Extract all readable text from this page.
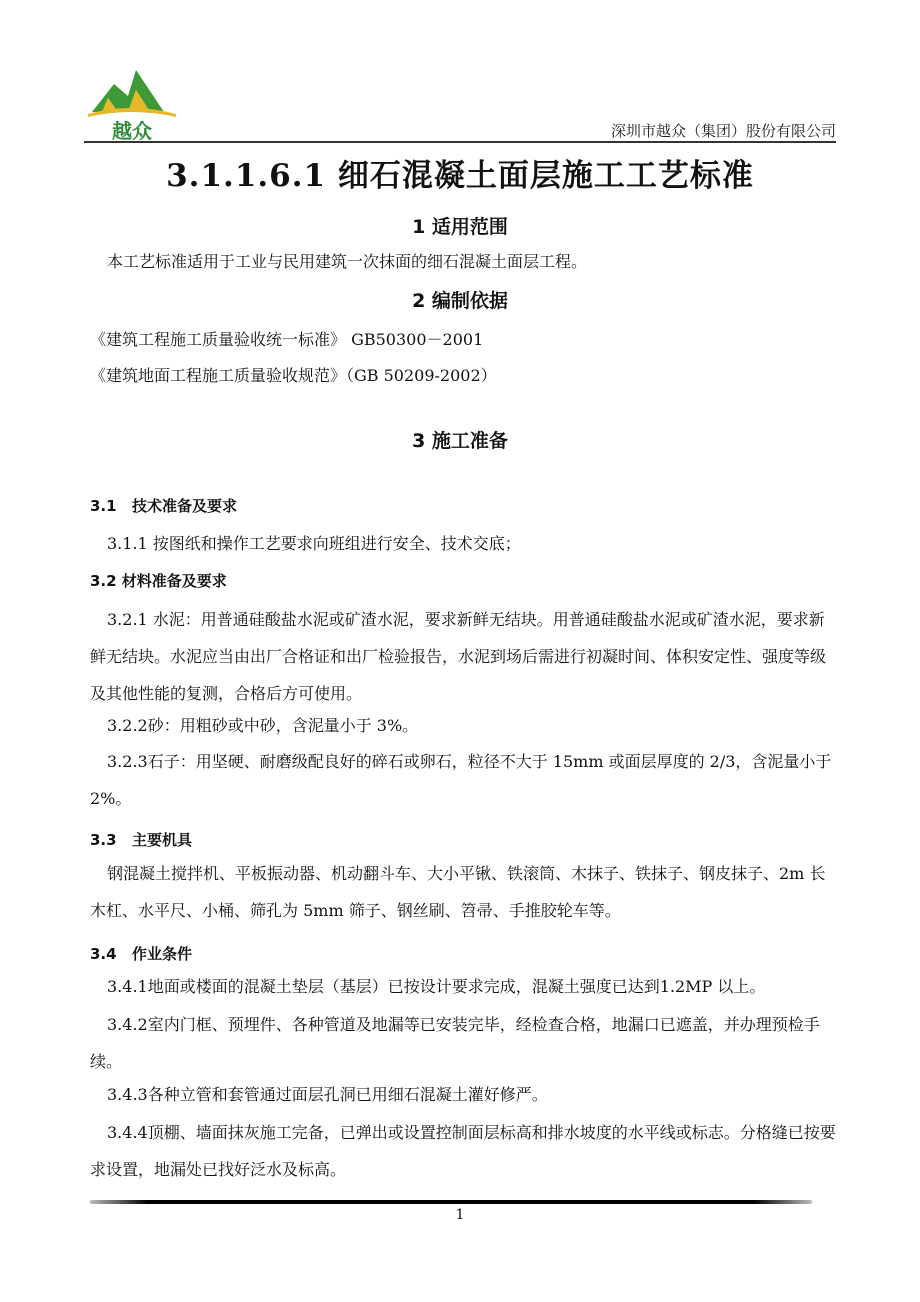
越众	深圳市越众（集团）股份有限公司
3.1.1.6.1 细石混凝土面层施工工艺标准
1 适用范围
本工艺标准适用于工业与民用建筑一次抹面的细石混凝土面层工程。
2 编制依据
《建筑工程施工质量验收统一标准》 GB50300－2001
《建筑地面工程施工质量验收规范》（GB 50209-2002）
3 施工准备
3.1 技术准备及要求
3.1.1 按图纸和操作工艺要求向班组进行安全、技术交底；
3.2 材料准备及要求
3.2.1 水泥：用普通硅酸盐水泥或矿渣水泥，要求新鲜无结块。用普通硅酸盐水泥或矿渣水泥，要求新鲜无结块。水泥应当由出厂合格证和出厂检验报告，水泥到场后需进行初凝时间、体积安定性、强度等级及其他性能的复测，合格后方可使用。
3.2.2砂：用粗砂或中砂，含泥量小于 3%。
3.2.3石子：用坚硬、耐磨级配良好的碎石或卵石，粒径不大于 15mm 或面层厚度的 2/3，含泥量小于 2%。
3.3 主要机具
钢混凝土搅拌机、平板振动器、机动翻斗车、大小平锹、铁滚筒、木抹子、铁抹子、钢皮抹子、2m 长木杠、水平尺、小桶、筛孔为 5mm 筛子、钢丝刷、笤帚、手推胶轮车等。
3.4 作业条件
3.4.1地面或楼面的混凝土垫层（基层）已按设计要求完成，混凝土强度已达到1.2MP 以上。
3.4.2室内门框、预埋件、各种管道及地漏等已安装完毕，经检查合格，地漏口已遮盖，并办理预检手续。
3.4.3各种立管和套管通过面层孔洞已用细石混凝土灌好修严。
3.4.4顶棚、墙面抹灰施工完备，已弹出或设置控制面层标高和排水坡度的水平线或标志。分格缝已按要求设置，地漏处已找好泛水及标高。
1
